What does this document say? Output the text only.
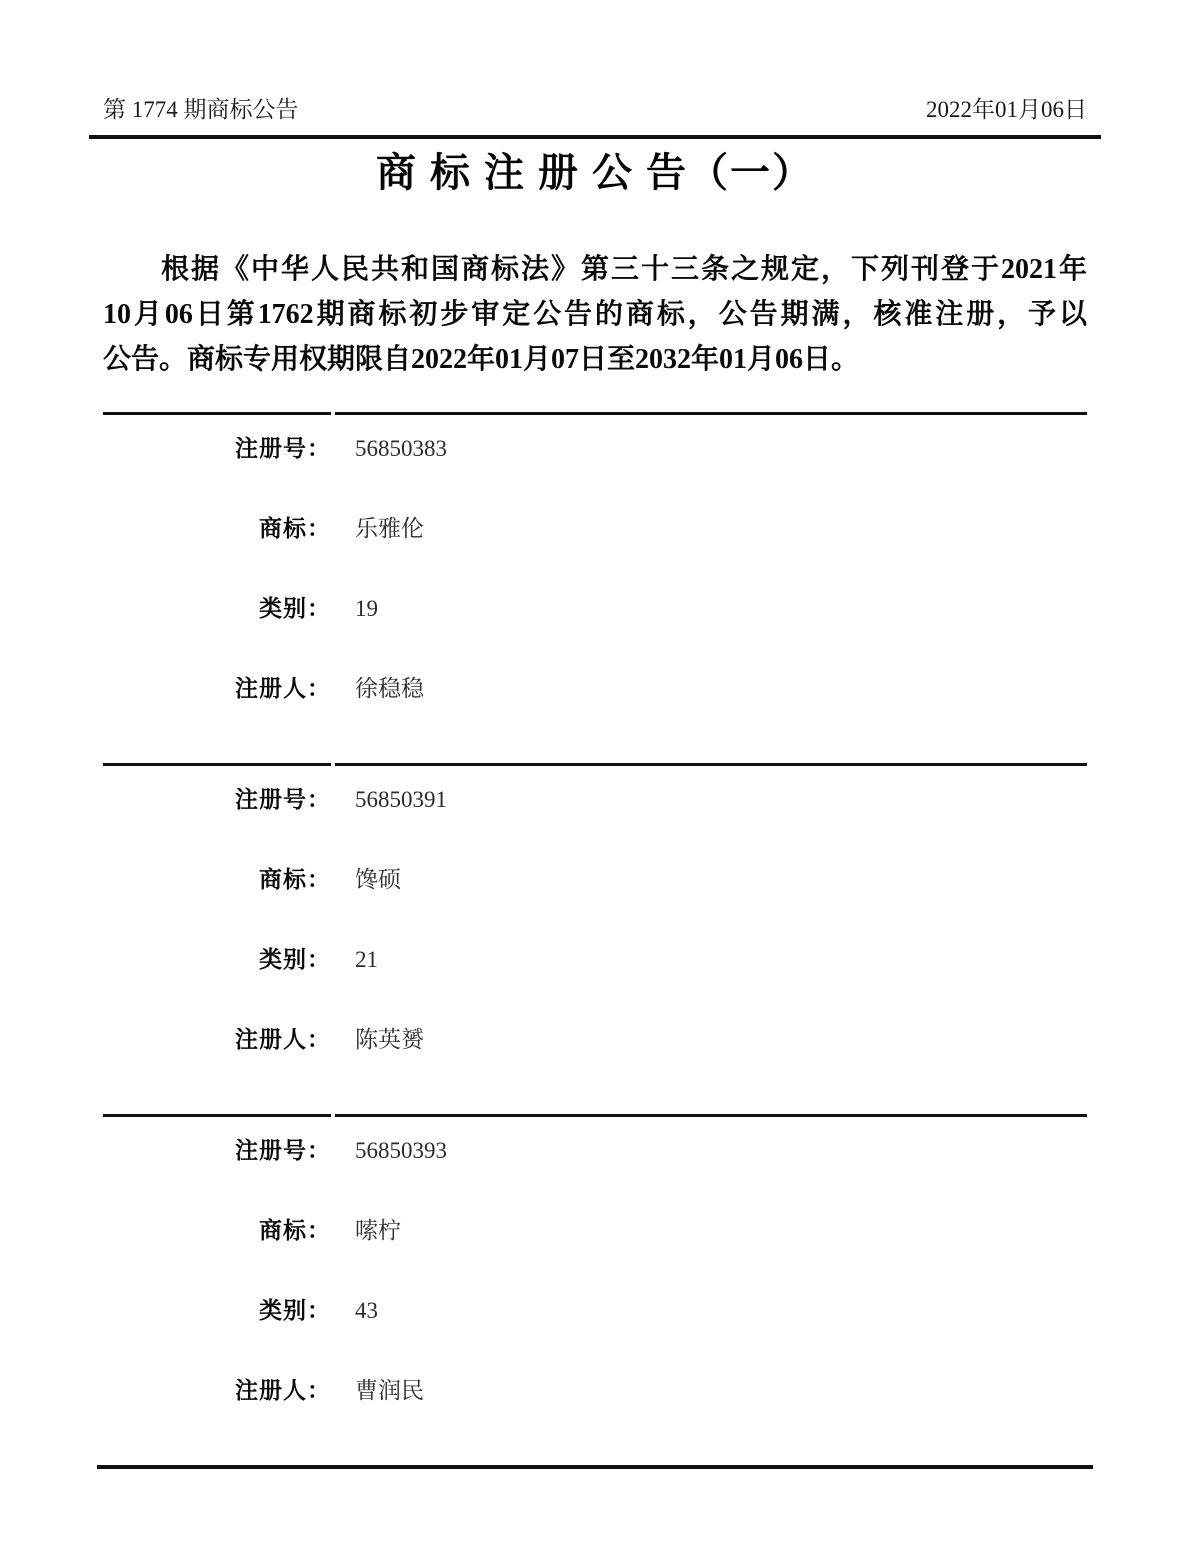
第 1774 期商标公告	2022年01月06日
商 标 注 册 公 告（一）
根据《中华人民共和国商标法》第三十三条之规定，下列刊登于2021年
10月06日第1762期商标初步审定公告的商标，公告期满，核准注册，予以
公告。商标专用权期限自2022年01月07日至2032年01月06日。
注册号： 56850383
商标： 乐雅伦
类别： 19
注册人： 徐稳稳
注册号： 56850391
商标： 馋硕
类别： 21
注册人： 陈英赟
注册号： 56850393
商标： 嗦柠
类别： 43
注册人： 曹润民
